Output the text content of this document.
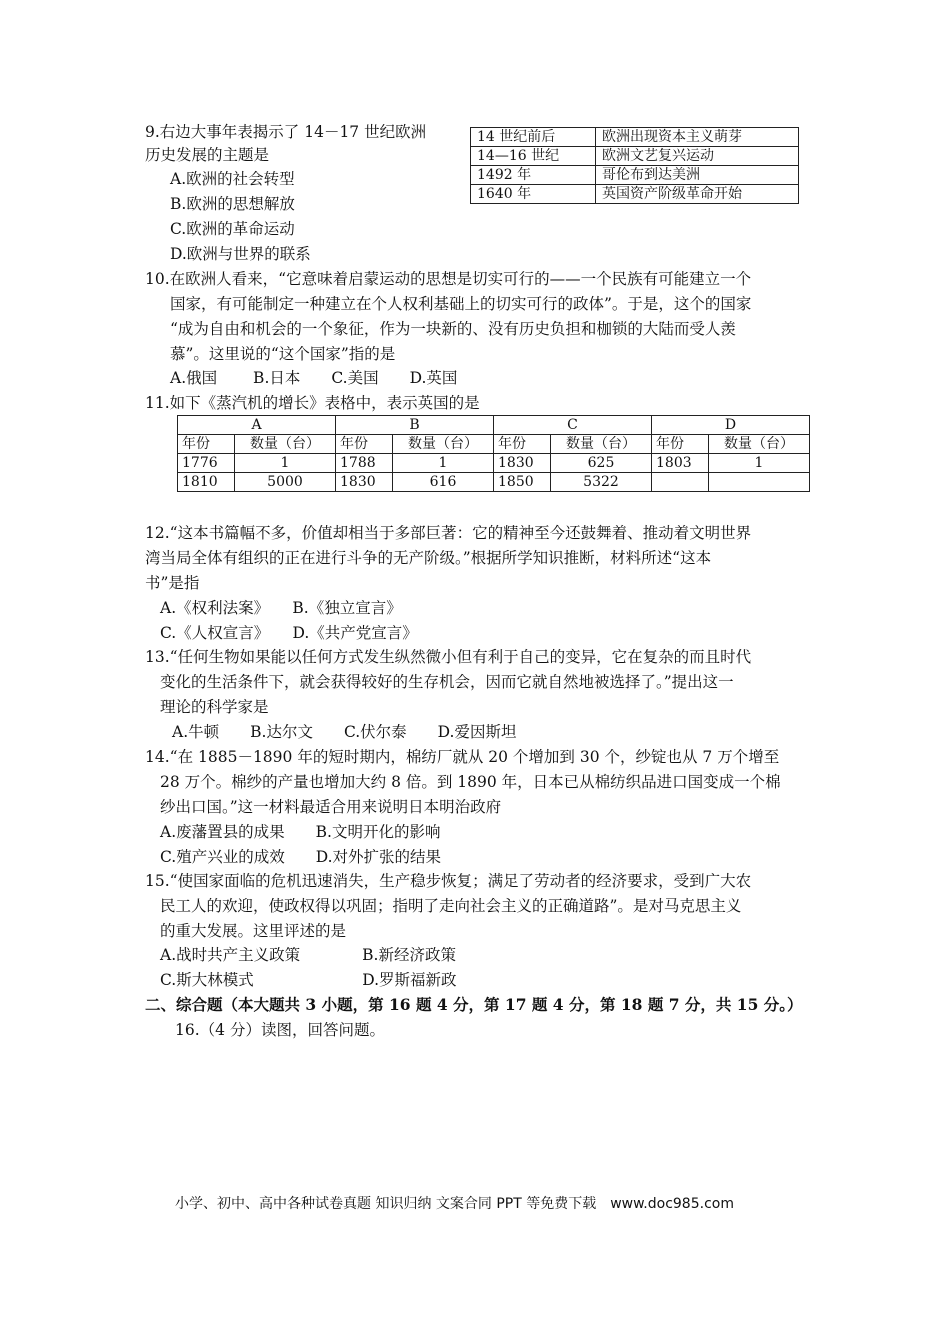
9.右边大事年表揭示了 14－17 世纪欧洲
历史发展的主题是
A.欧洲的社会转型
B.欧洲的思想解放
C.欧洲的革命运动
D.欧洲与世界的联系
14 世纪前后	欧洲出现资本主义萌芽
14—16 世纪	欧洲文艺复兴运动
1492 年	哥伦布到达美洲
1640 年	英国资产阶级革命开始
10.在欧洲人看来，“它意味着启蒙运动的思想是切实可行的——一个民族有可能建立一个
国家，有可能制定一种建立在个人权利基础上的切实可行的政体”。于是，这个的国家
“成为自由和机会的一个象征，作为一块新的、没有历史负担和枷锁的大陆而受人羡
慕”。这里说的“这个国家”指的是
A.俄国　　 B.日本　　C.美国　　D.英国
11.如下《蒸汽机的增长》表格中，表示英国的是
A		B		C		D	
年份	数量（台）	年份	数量（台）	年份	数量（台）	年份	数量（台）
1776	1	1788	1	1830	625	1803	1
1810	5000	1830	616	1850	5322		
12.“这本书篇幅不多，价值却相当于多部巨著：它的精神至今还鼓舞着、推动着文明世界
湾当局全体有组织的正在进行斗争的无产阶级。”根据所学知识推断，材料所述“这本
书”是指
A.《权利法案》　　B.《独立宣言》
C.《人权宣言》　　D.《共产党宣言》
13.“任何生物如果能以任何方式发生纵然微小但有利于自己的变异，它在复杂的而且时代
变化的生活条件下，就会获得较好的生存机会，因而它就自然地被选择了。”提出这一
理论的科学家是
A.牛顿　　B.达尔文　　C.伏尔泰　　D.爱因斯坦
14.“在 1885－1890 年的短时期内，棉纺厂就从 20 个增加到 30 个，纱锭也从 7 万个增至
28 万个。棉纱的产量也增加大约 8 倍。到 1890 年，日本已从棉纺织品进口国变成一个棉
纱出口国。”这一材料最适合用来说明日本明治政府
A.废藩置县的成果　　B.文明开化的影响
C.殖产兴业的成效　　D.对外扩张的结果
15.“使国家面临的危机迅速消失，生产稳步恢复；满足了劳动者的经济要求，受到广大农
民工人的欢迎，使政权得以巩固；指明了走向社会主义的正确道路”。是对马克思主义
的重大发展。这里评述的是
A.战时共产主义政策　　　　B.新经济政策
C.斯大林模式　　　　　　　D.罗斯福新政
二、综合题（本大题共 3 小题，第 16 题 4 分，第 17 题 4 分，第 18 题 7 分，共 15 分。）
16.（4 分）读图，回答问题。
小学、初中、高中各种试卷真题 知识归纳 文案合同 PPT 等免费下载　www.doc985.com
